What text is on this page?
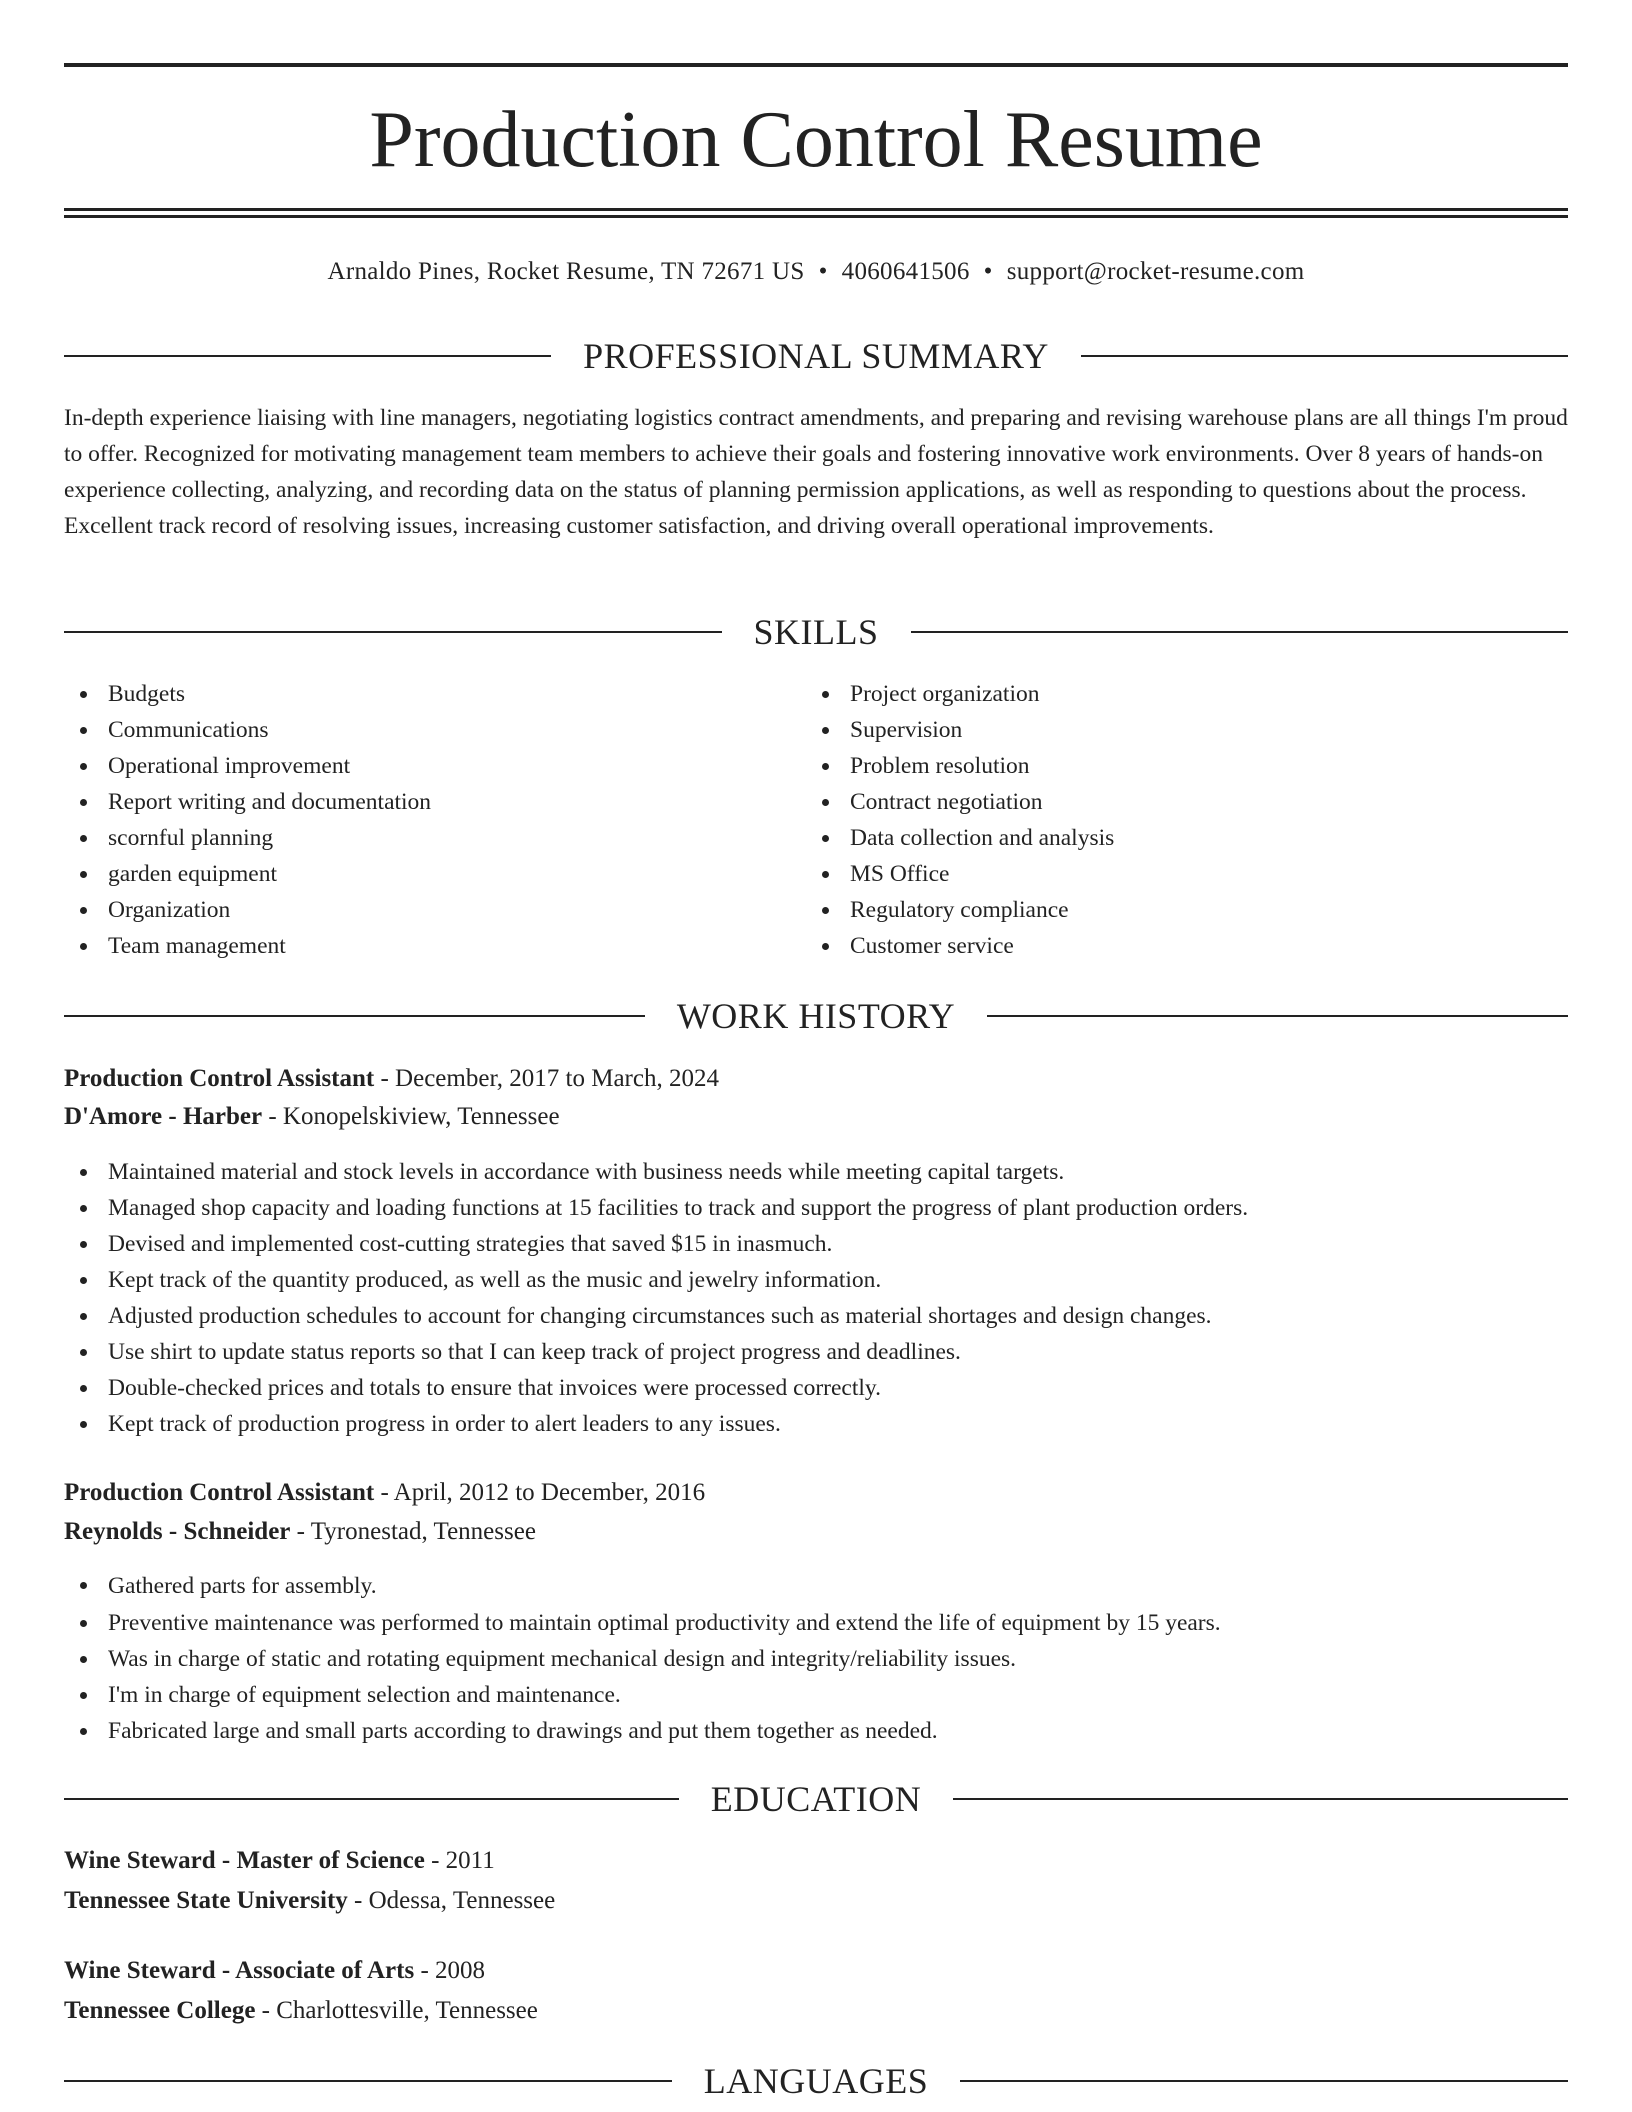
Production Control Resume
Arnaldo Pines, Rocket Resume, TN 72671 US • 4060641506 • support@rocket-resume.com
PROFESSIONAL SUMMARY

In-depth experience liaising with line managers, negotiating logistics contract amendments, and preparing and revising warehouse plans are all things I'm proud to offer. Recognized for motivating management team members to achieve their goals and fostering innovative work environments. Over 8 years of hands-on experience collecting, analyzing, and recording data on the status of planning permission applications, as well as responding to questions about the process. Excellent track record of resolving issues, increasing customer satisfaction, and driving overall operational improvements.

SKILLS
Budgets
Communications
Operational improvement
Report writing and documentation
scornful planning
garden equipment
Organization
Team management
Project organization
Supervision
Problem resolution
Contract negotiation
Data collection and analysis
MS Office
Regulatory compliance
Customer service
WORK HISTORY
Production Control Assistant - December, 2017 to March, 2024
D'Amore - Harber - Konopelskiview, Tennessee
Maintained material and stock levels in accordance with business needs while meeting capital targets.
Managed shop capacity and loading functions at 15 facilities to track and support the progress of plant production orders.
Devised and implemented cost-cutting strategies that saved $15 in inasmuch.
Kept track of the quantity produced, as well as the music and jewelry information.
Adjusted production schedules to account for changing circumstances such as material shortages and design changes.
Use shirt to update status reports so that I can keep track of project progress and deadlines.
Double-checked prices and totals to ensure that invoices were processed correctly.
Kept track of production progress in order to alert leaders to any issues.
Production Control Assistant - April, 2012 to December, 2016
Reynolds - Schneider - Tyronestad, Tennessee
Gathered parts for assembly.
Preventive maintenance was performed to maintain optimal productivity and extend the life of equipment by 15 years.
Was in charge of static and rotating equipment mechanical design and integrity/reliability issues.
I'm in charge of equipment selection and maintenance.
Fabricated large and small parts according to drawings and put them together as needed.
EDUCATION
Wine Steward - Master of Science - 2011
Tennessee State University - Odessa, Tennessee
Wine Steward - Associate of Arts - 2008
Tennessee College - Charlottesville, Tennessee
LANGUAGES
